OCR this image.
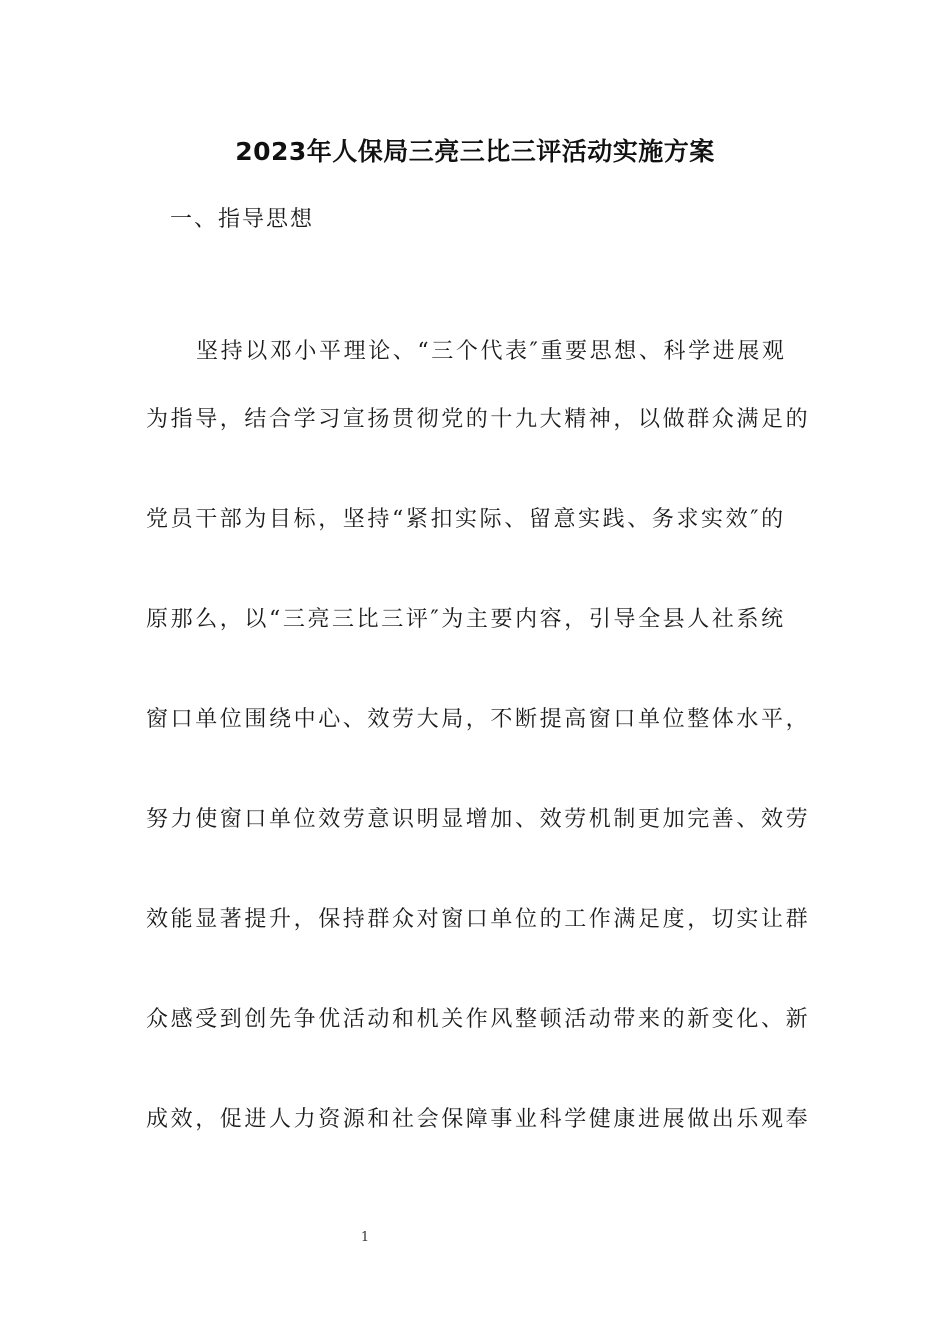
2023年人保局三亮三比三评活动实施方案
一、指导思想
坚持以邓小平理论、“三个代表″重要思想、科学进展观
为指导，结合学习宣扬贯彻党的十九大精神，以做群众满足的
党员干部为目标，坚持“紧扣实际、留意实践、务求实效″的
原那么，以“三亮三比三评″为主要内容，引导全县人社系统
窗口单位围绕中心、效劳大局，不断提高窗口单位整体水平，
努力使窗口单位效劳意识明显增加、效劳机制更加完善、效劳
效能显著提升，保持群众对窗口单位的工作满足度，切实让群
众感受到创先争优活动和机关作风整顿活动带来的新变化、新
成效，促进人力资源和社会保障事业科学健康进展做出乐观奉
1
